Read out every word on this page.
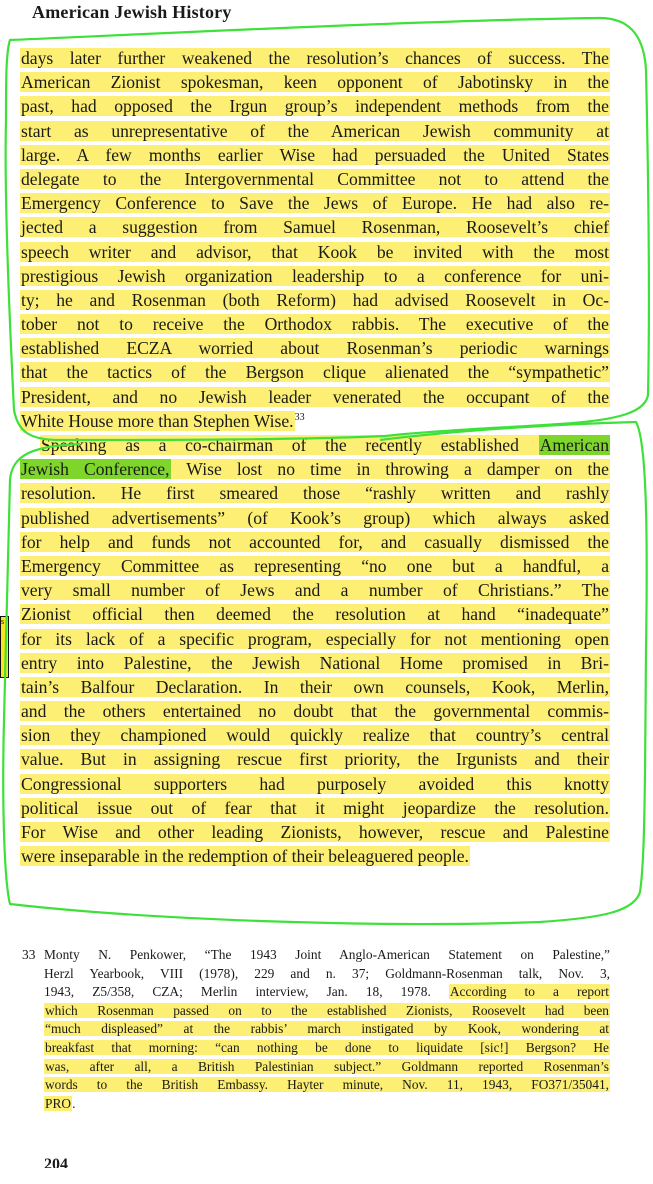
American Jewish History
days later further weakened the resolution’s chances of success. The
American Zionist spokesman, keen opponent of Jabotinsky in the
past, had opposed the Irgun group’s independent methods from the
start as unrepresentative of the American Jewish community at
large. A few months earlier Wise had persuaded the United States
delegate to the Intergovernmental Committee not to attend the
Emergency Conference to Save the Jews of Europe. He had also re-
jected a suggestion from Samuel Rosenman, Roosevelt’s chief
speech writer and advisor, that Kook be invited with the most
prestigious Jewish organization leadership to a conference for uni-
ty; he and Rosenman (both Reform) had advised Roosevelt in Oc-
tober not to receive the Orthodox rabbis. The executive of the
established ECZA worried about Rosenman’s periodic warnings
that the tactics of the Bergson clique alienated the “sympathetic”
President, and no Jewish leader venerated the occupant of the
White House more than Stephen Wise.$^{33}$
Speaking as a co-chairman of the recently established American
Jewish Conference, Wise lost no time in throwing a damper on the
resolution. He first smeared those “rashly written and rashly
published advertisements” (of Kook’s group) which always asked
for help and funds not accounted for, and casually dismissed the
Emergency Committee as representing “no one but a handful, a
very small number of Jews and a number of Christians.” The
Zionist official then deemed the resolution at hand “inadequate”
for its lack of a specific program, especially for not mentioning open
entry into Palestine, the Jewish National Home promised in Bri-
tain’s Balfour Declaration. In their own counsels, Kook, Merlin,
and the others entertained no doubt that the governmental commis-
sion they championed would quickly realize that country’s central
value. But in assigning rescue first priority, the Irgunists and their
Congressional supporters had purposely avoided this knotty
political issue out of fear that it might jeopardize the resolution.
For Wise and other leading Zionists, however, rescue and Palestine
were inseparable in the redemption of their beleaguered people.
33 Monty N. Penkower, “The 1943 Joint Anglo-American Statement on Palestine,”
Herzl Yearbook, VIII (1978), 229 and n. 37; Goldmann-Rosenman talk, Nov. 3,
1943, Z5/358, CZA; Merlin interview, Jan. 18, 1978. According to a report
which Rosenman passed on to the established Zionists, Roosevelt had been
“much displeased” at the rabbis’ march instigated by Kook, wondering at
breakfast that morning: “can nothing be done to liquidate [sic!] Bergson? He
was, after all, a British Palestinian subject.” Goldmann reported Rosenman’s
words to the British Embassy. Hayter minute, Nov. 11, 1943, FO371/35041,
PRO.
204
s
